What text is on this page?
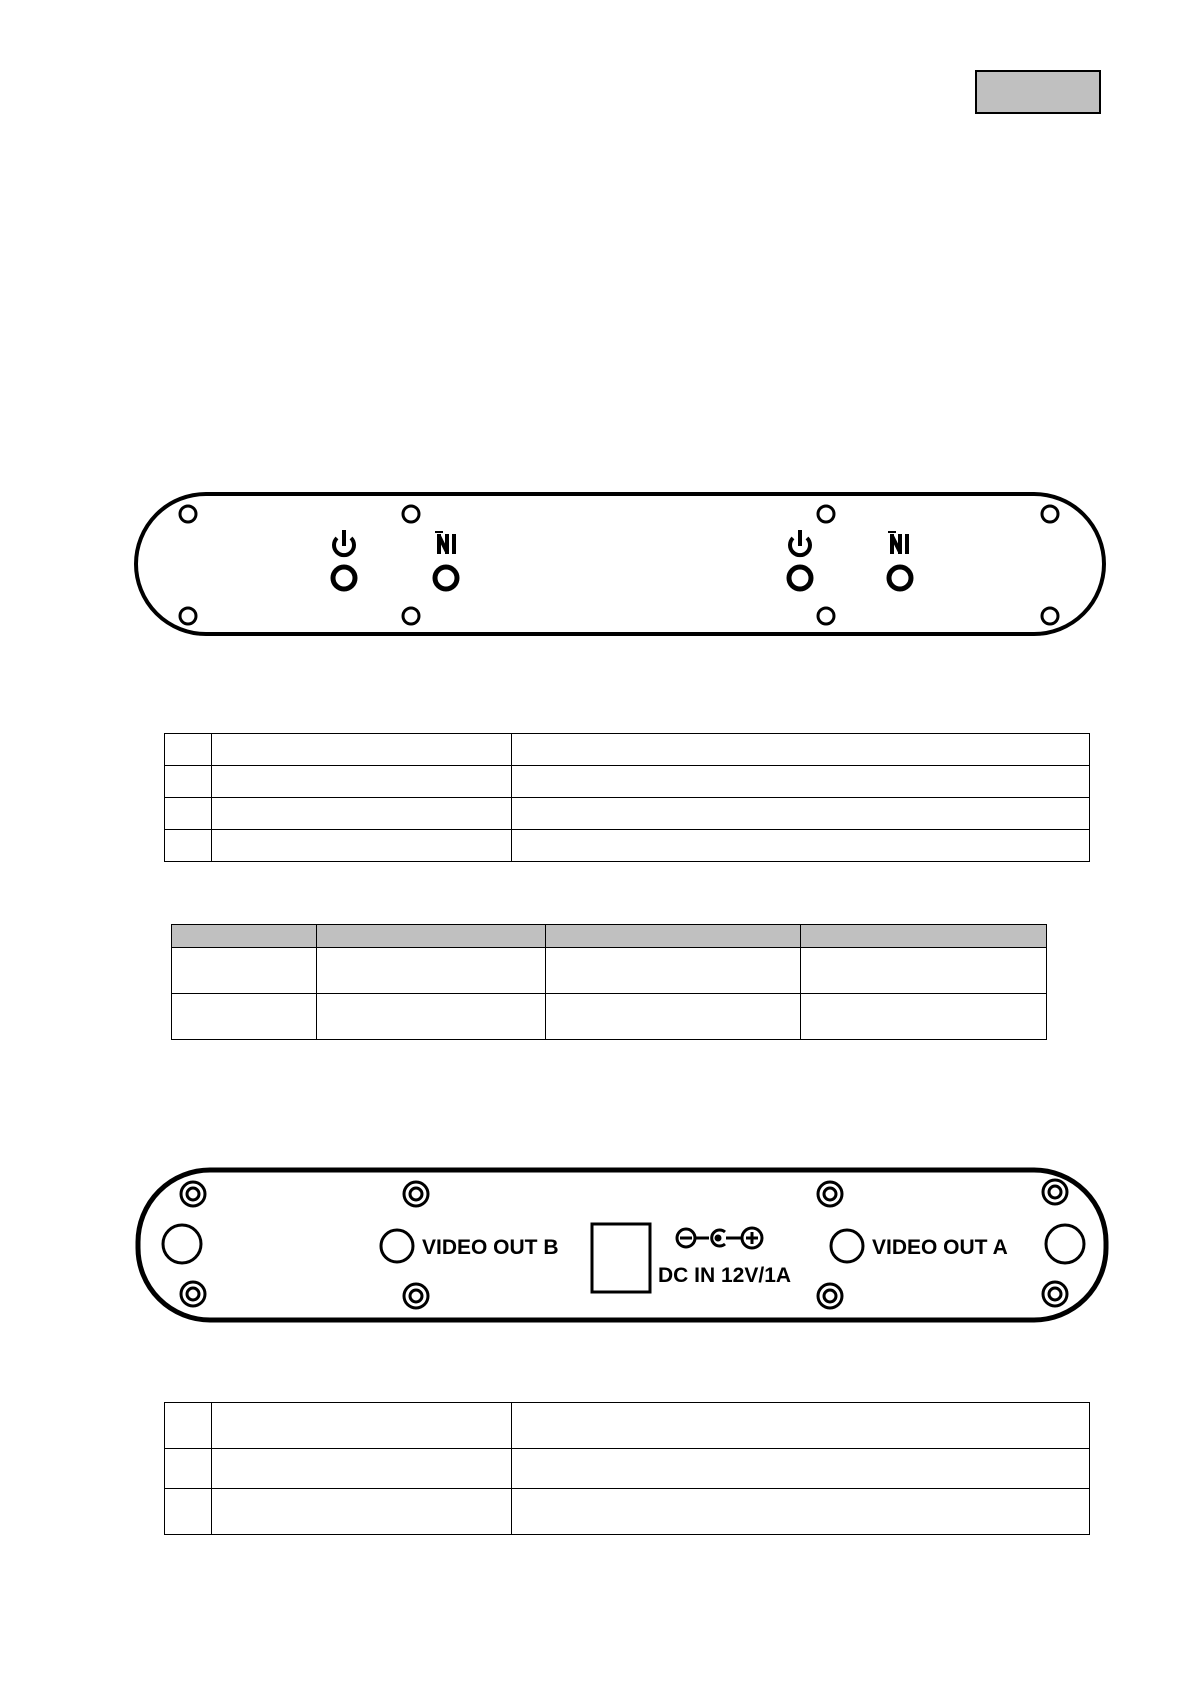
VIDEO OUT B
DC IN 12V/1A
VIDEO OUT A
